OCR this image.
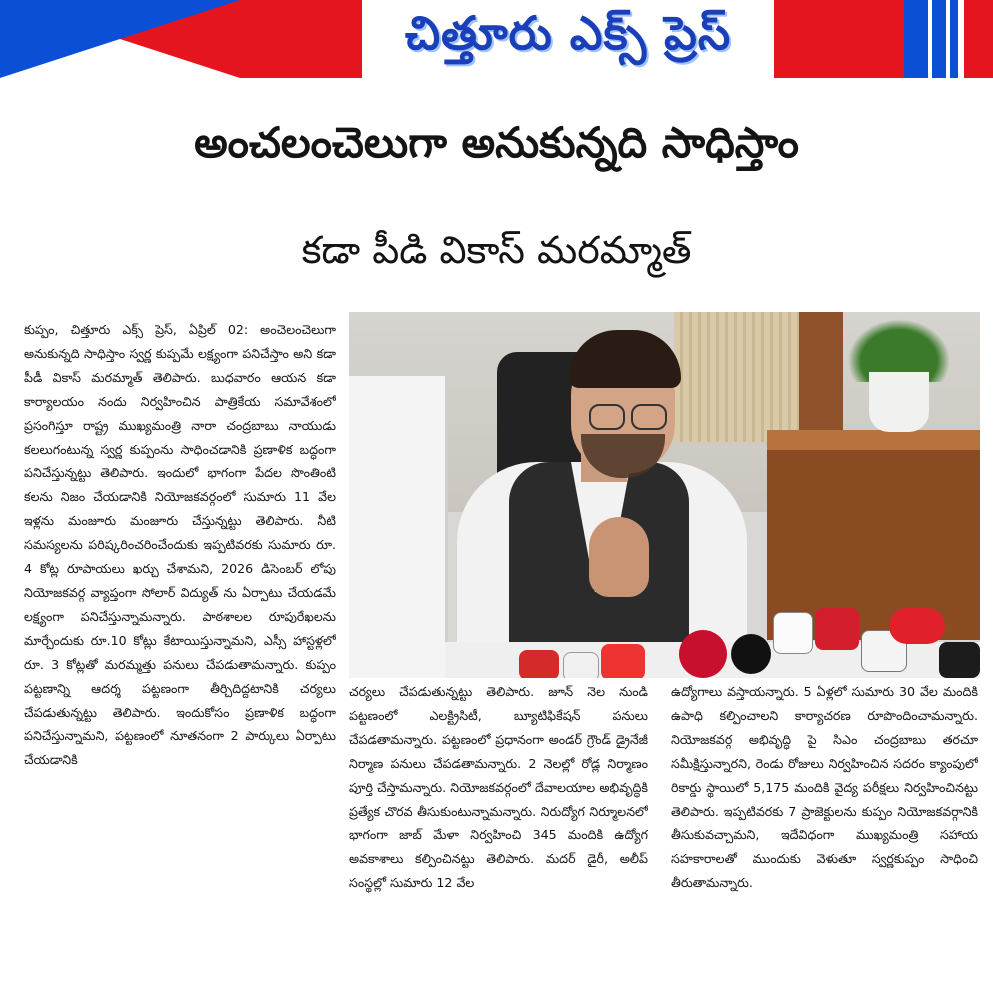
చిత్తూరు ఎక్స్ ప్రెస్
అంచలంచెలుగా అనుకున్నది సాధిస్తాం
కడా పీడి వికాస్ మరమ్మాత్
కుప్పం, చిత్తూరు ఎక్స్ ప్రెస్, ఏప్రిల్ 02: అంచెలంచెలుగా అనుకున్నది సాధిస్తాం స్వర్ణ కుప్పమే లక్ష్యంగా పనిచేస్తాం అని కడా పీడీ వికాస్ మరమ్మాత్ తెలిపారు. బుధవారం ఆయన కడా కార్యాలయం నందు నిర్వహించిన పాత్రికేయ సమావేశంలో ప్రసంగిస్తూ రాష్ట్ర ముఖ్యమంత్రి నారా చంద్రబాబు నాయుడు కలలుగంటున్న స్వర్ణ కుప్పంను సాధించడానికి ప్రణాళిక బద్ధంగా పనిచేస్తున్నట్టు తెలిపారు. ఇందులో భాగంగా పేదల సొంతింటి కలను నిజం చేయడానికి నియోజకవర్గంలో సుమారు 11 వేల ఇళ్లను మంజూరు మంజూరు చేస్తున్నట్టు తెలిపారు. నీటి సమస్యలను పరిష్కరించరించేందుకు ఇప్పటివరకు సుమారు రూ. 4 కోట్ల రూపాయలు ఖర్చు చేశామని, 2026 డిసెంబర్ లోపు నియోజకవర్గ వ్యాప్తంగా సోలార్ విద్యుత్ ను ఏర్పాటు చేయడమే లక్ష్యంగా పనిచేస్తున్నామన్నారు. పాఠశాలల రూపురేఖలను మార్చేందుకు రూ.10 కోట్లు కేటాయిస్తున్నామని, ఎస్సీ హాస్టళ్లలో రూ. 3 కోట్లతో మరమ్మత్తు పనులు చేపడుతామన్నారు. కుప్పం పట్టణాన్ని ఆదర్శ పట్టణంగా తీర్చిదిద్దటానికి చర్యలు చేపడుతున్నట్టు తెలిపారు. ఇందుకోసం ప్రణాళిక బద్ధంగా పనిచేస్తున్నామని, పట్టణంలో నూతనంగా 2 పార్కులు ఏర్పాటు చేయడానికి
చర్యలు చేపడుతున్నట్టు తెలిపారు. జూన్ నెల నుండి పట్టణంలో ఎలక్ట్రిసిటీ, బ్యూటిఫికేషన్ పనులు చేపడతామన్నారు. పట్టణంలో ప్రధానంగా అండర్ గ్రౌండ్ డ్రైనేజీ నిర్మాణ పనులు చేపడతామన్నారు. 2 నెలల్లో రోడ్ల నిర్మాణం పూర్తి చేస్తామన్నారు. నియోజకవర్గంలో దేవాలయాల అభివృద్ధికి ప్రత్యేక చొరవ తీసుకుంటున్నామన్నారు. నిరుద్యోగ నిర్మూలనలో భాగంగా జాబ్ మేళా నిర్వహించి 345 మందికి ఉద్యోగ అవకాశాలు కల్పించినట్టు తెలిపారు. మదర్ డైరీ, అలీప్ సంస్థల్లో సుమారు 12 వేల
ఉద్యోగాలు వస్తాయన్నారు. 5 ఏళ్లలో సుమారు 30 వేల మందికి ఉపాధి కల్పించాలని కార్యాచరణ రూపొందించామన్నారు. నియోజకవర్గ అభివృద్ధి పై సిఎం చంద్రబాబు తరచూ సమీక్షిస్తున్నారని, రెండు రోజులు నిర్వహించిన సదరం క్యాంపులో రికార్డు స్థాయిలో 5,175 మందికి వైద్య పరీక్షలు నిర్వహించినట్టు తెలిపారు. ఇప్పటివరకు 7 ప్రాజెక్టులను కుప్పం నియోజకవర్గానికి తీసుకువచ్చామని, ఇదేవిధంగా ముఖ్యమంత్రి సహాయ సహకారాలతో ముందుకు వెళుతూ స్వర్ణకుప్పం సాధించి తీరుతామన్నారు.
